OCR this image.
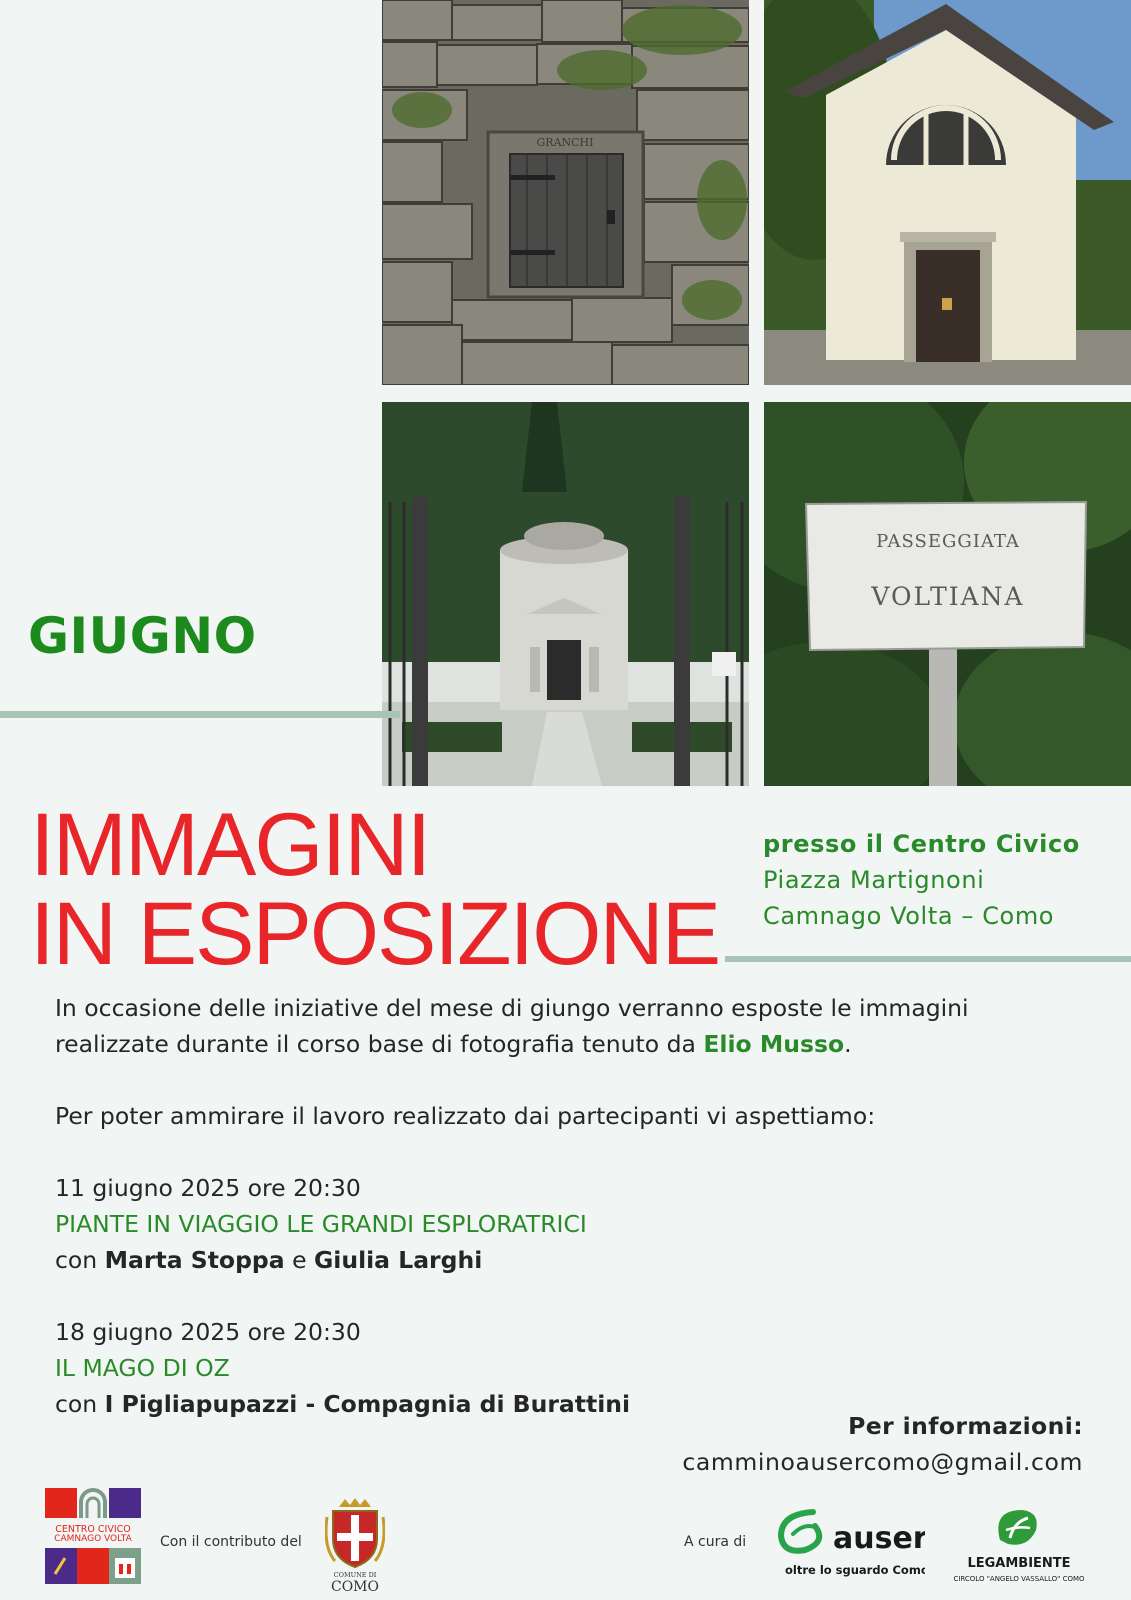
GRANCHI
PASSEGGIATA
VOLTIANA
GIUGNO
IMMAGINI
IN ESPOSIZIONE
presso il Centro Civico
Piazza Martignoni
Camnago Volta – Como

In occasione delle iniziative del mese di giungo verranno esposte le immagini

realizzate durante il corso base di fotografia tenuto da Elio Musso.

Per poter ammirare il lavoro realizzato dai partecipanti vi aspettiamo:

11 giugno 2025 ore 20:30

PIANTE IN VIAGGIO LE GRANDI ESPLORATRICI

con Marta Stoppa e Giulia Larghi

18 giugno 2025 ore 20:30

IL MAGO DI OZ

con I Pigliapupazzi - Compagnia di Burattini

Per informazioni:
camminoausercomo@gmail.com
CENTRO CIVICO
CAMNAGO VOLTA Con il contributo del
COMUNE DI
COMO
A cura di	auser
oltre lo sguardo Como	LEGAMBIENTE
CIRCOLO "ANGELO VASSALLO" COMO
